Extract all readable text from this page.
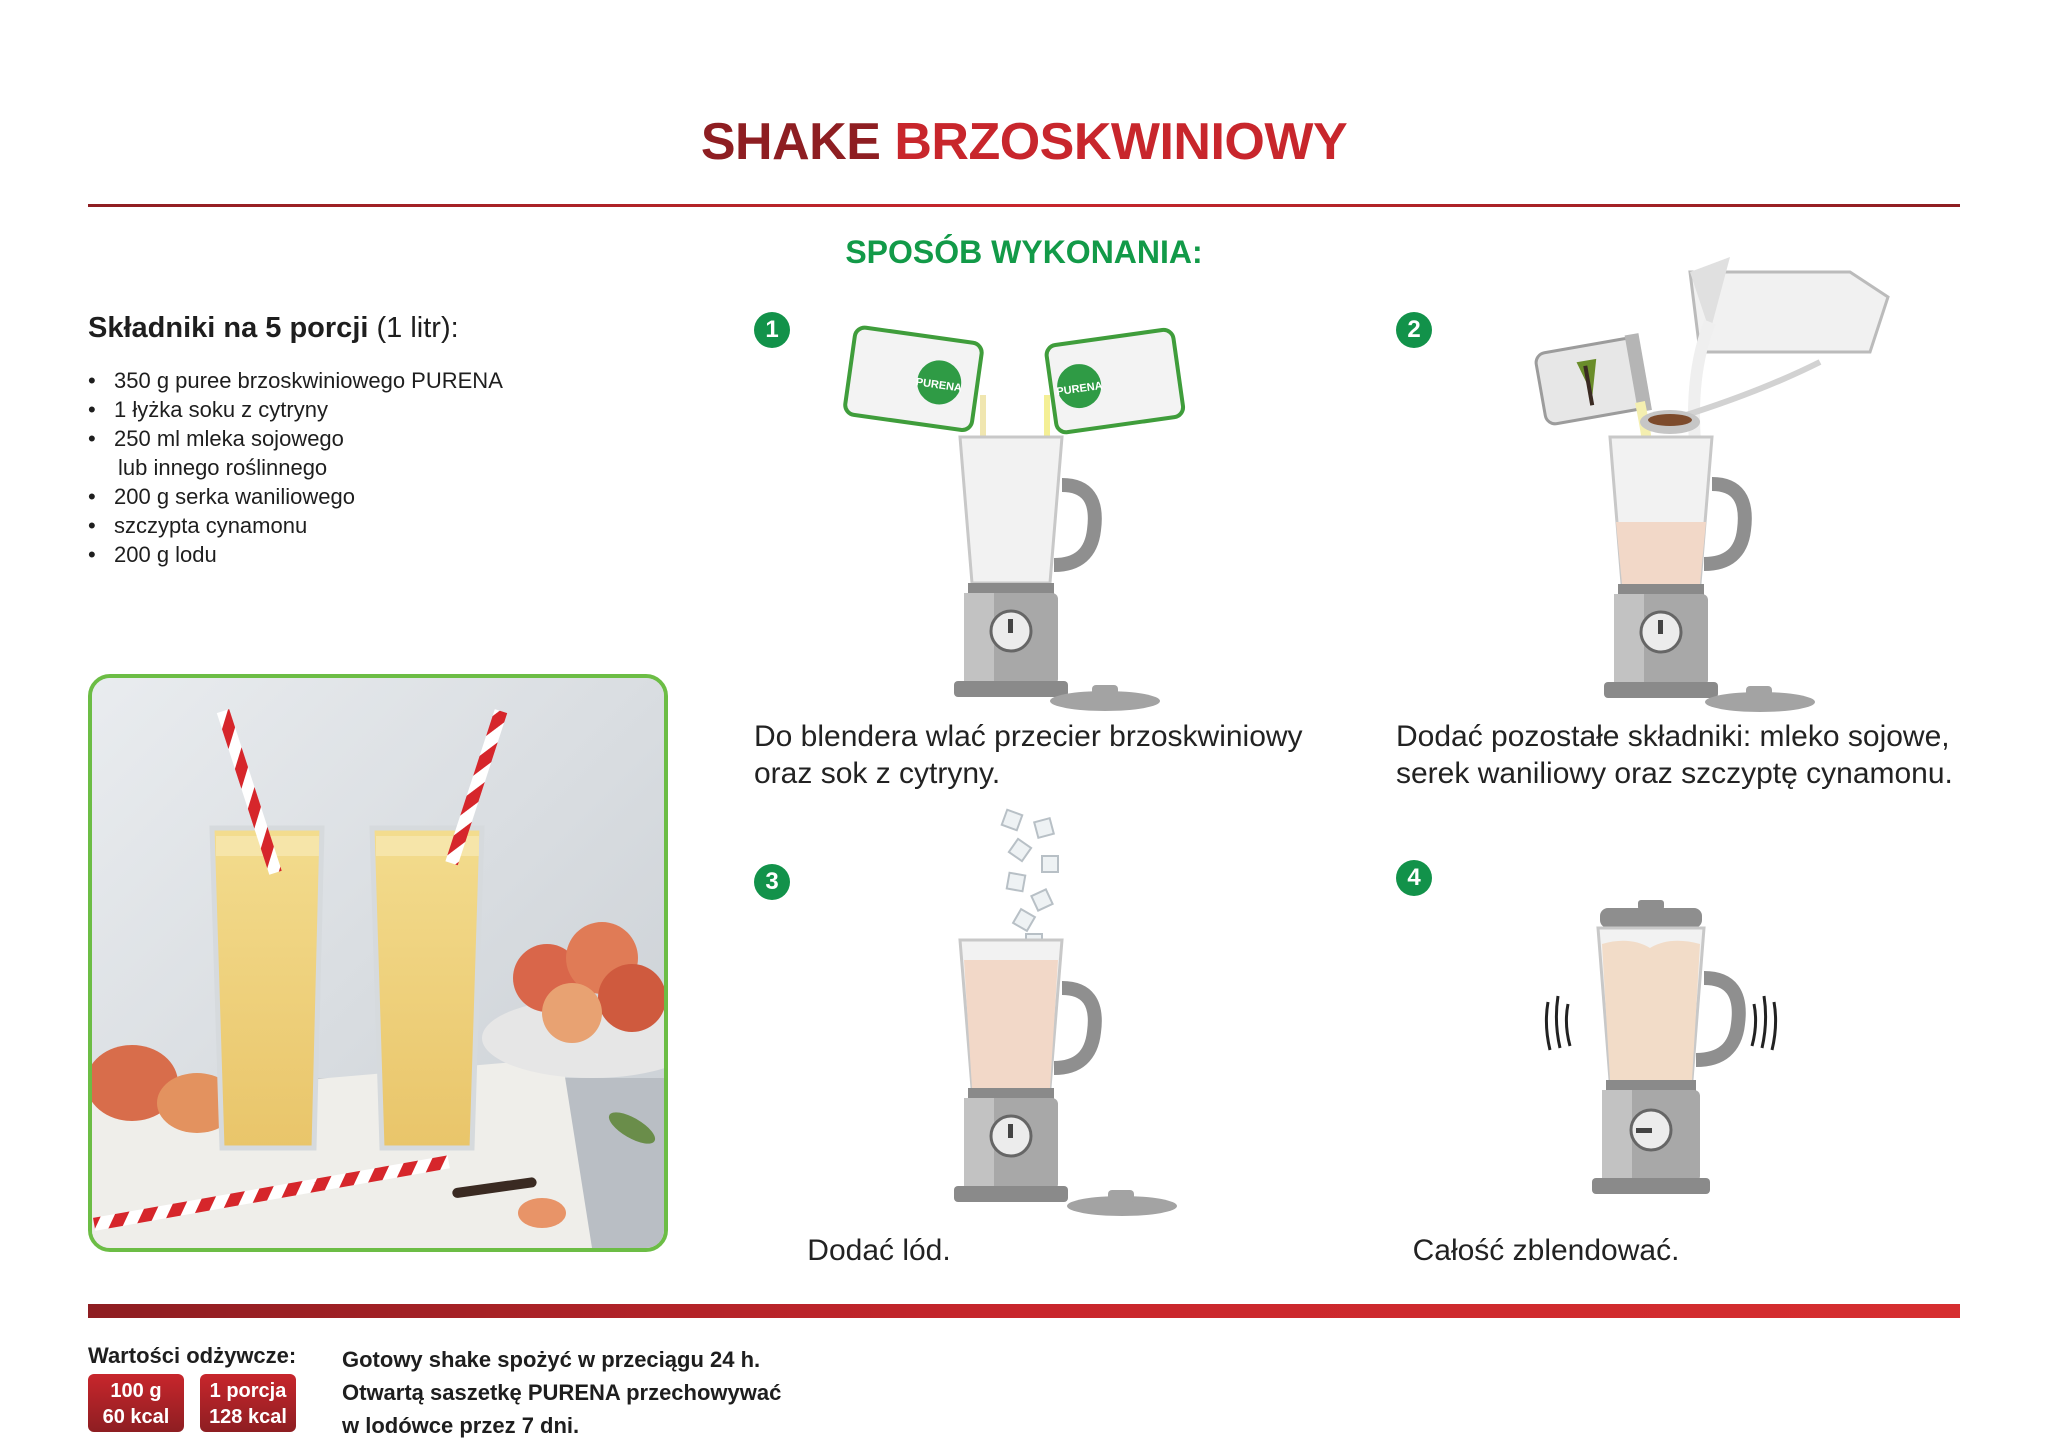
SHAKE BRZOSKWINIOWY
SPOSÓB WYKONANIA:
Składniki na 5 porcji (1 litr):
• 350 g puree brzoskwiniowego PURENA
• 1 łyżka soku z cytryny
• 250 ml mleka sojowego
lub innego roślinnego
• 200 g serka waniliowego
• szczypta cynamonu
• 200 g lodu
1
PURENA	PURENA
Do blendera wlać przecier brzoskwiniowy
oraz sok z cytryny.
2
Dodać pozostałe składniki: mleko sojowe,
serek waniliowy oraz szczyptę cynamonu.
3
Dodać lód.
4
Całość zblendować.
Wartości odżywcze:
100 g
60 kcal
1 porcja
128 kcal
Gotowy shake spożyć w przeciągu 24 h.
Otwartą saszetkę PURENA przechowywać
w lodówce przez 7 dni.
